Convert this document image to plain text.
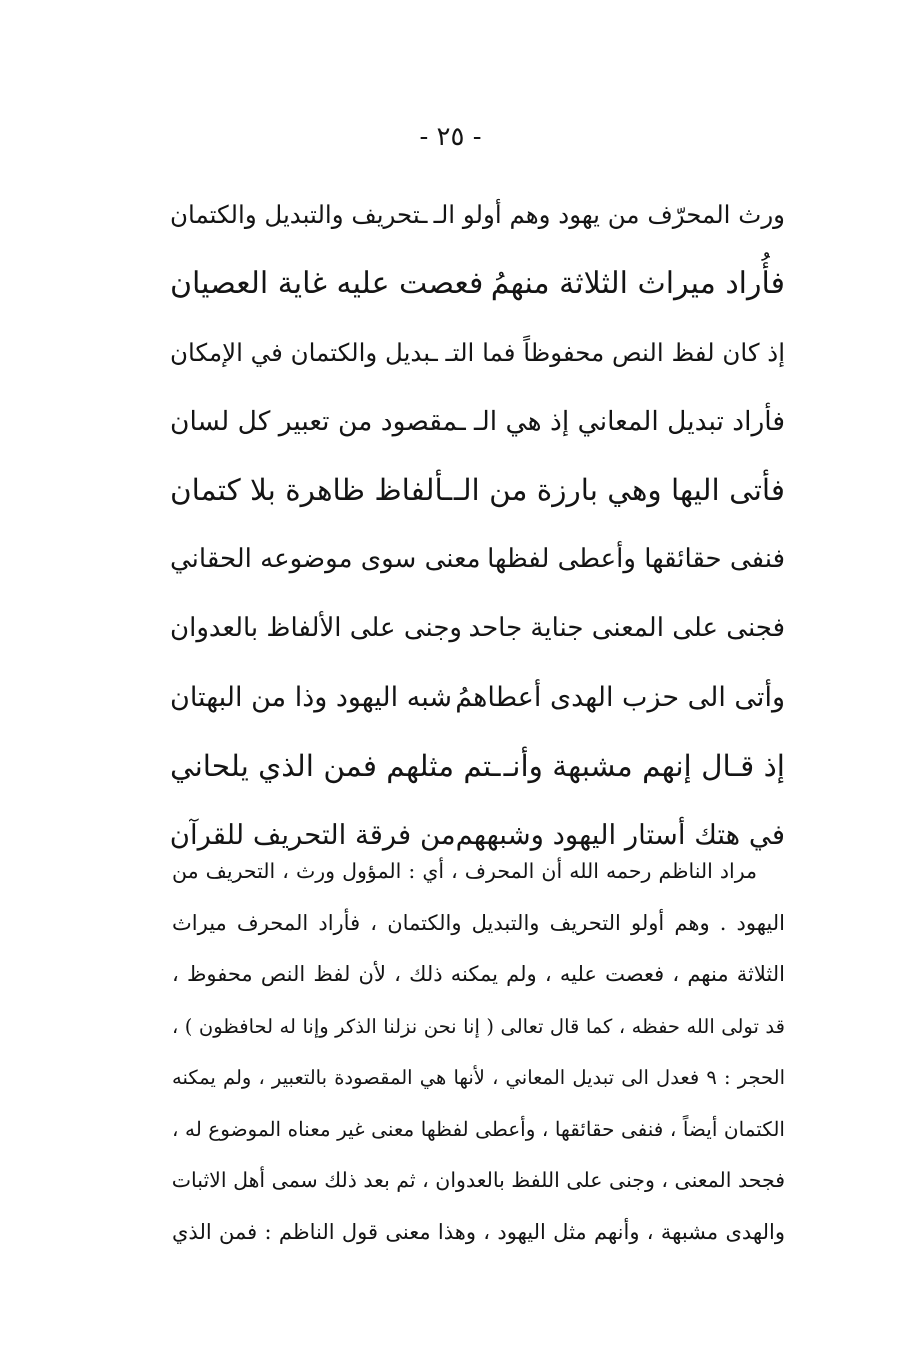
- ٢٥ -
ورث المحرّف من يهود وهم أولو الـ
ـتحريف والتبديل والكتمان
فأُراد ميراث الثلاثة منهمُ
فعصت عليه غاية العصيان
إذ كان لفظ النص محفوظاً فما التـ
ـبديل والكتمان في الإمكان
فأراد تبديل المعاني إذ هي الـ
ـمقصود من تعبير كل لسان
فأتى اليها وهي بارزة من الـ
ـألفاظ ظاهرة بلا كتمان
فنفى حقائقها وأعطى لفظها
معنى سوى موضوعه الحقاني
فجنى على المعنى جناية جاحد
وجنى على الألفاظ بالعدوان
وأتى الى حزب الهدى أعطاهمُ
شبه اليهود وذا من البهتان
إذ قـال إنهم مشبهة وأنـ
ـتم مثلهم فمن الذي يلحاني
في هتك أستار اليهود وشبههم
من فرقة التحريف للقرآن
مراد الناظم رحمه الله أن المحرف ، أي : المؤول ورث ، التحريف من
اليهود . وهم أولو التحريف والتبديل والكتمان ، فأراد المحرف ميراث
الثلاثة منهم ، فعصت عليه ، ولم يمكنه ذلك ، لأن لفظ النص محفوظ ،
قد تولى الله حفظه ، كما قال تعالى ( إنا نحن نزلنا الذكر وإنا له لحافظون ) ،
الحجر : ٩ فعدل الى تبديل المعاني ، لأنها هي المقصودة بالتعبير ، ولم يمكنه
الكتمان أيضاً ، فنفى حقائقها ، وأعطى لفظها معنى غير معناه الموضوع له ،
فجحد المعنى ، وجنى على اللفظ بالعدوان ، ثم بعد ذلك سمى أهل الاثبات
والهدى مشبهة ، وأنهم مثل اليهود ، وهذا معنى قول الناظم : فمن الذي
